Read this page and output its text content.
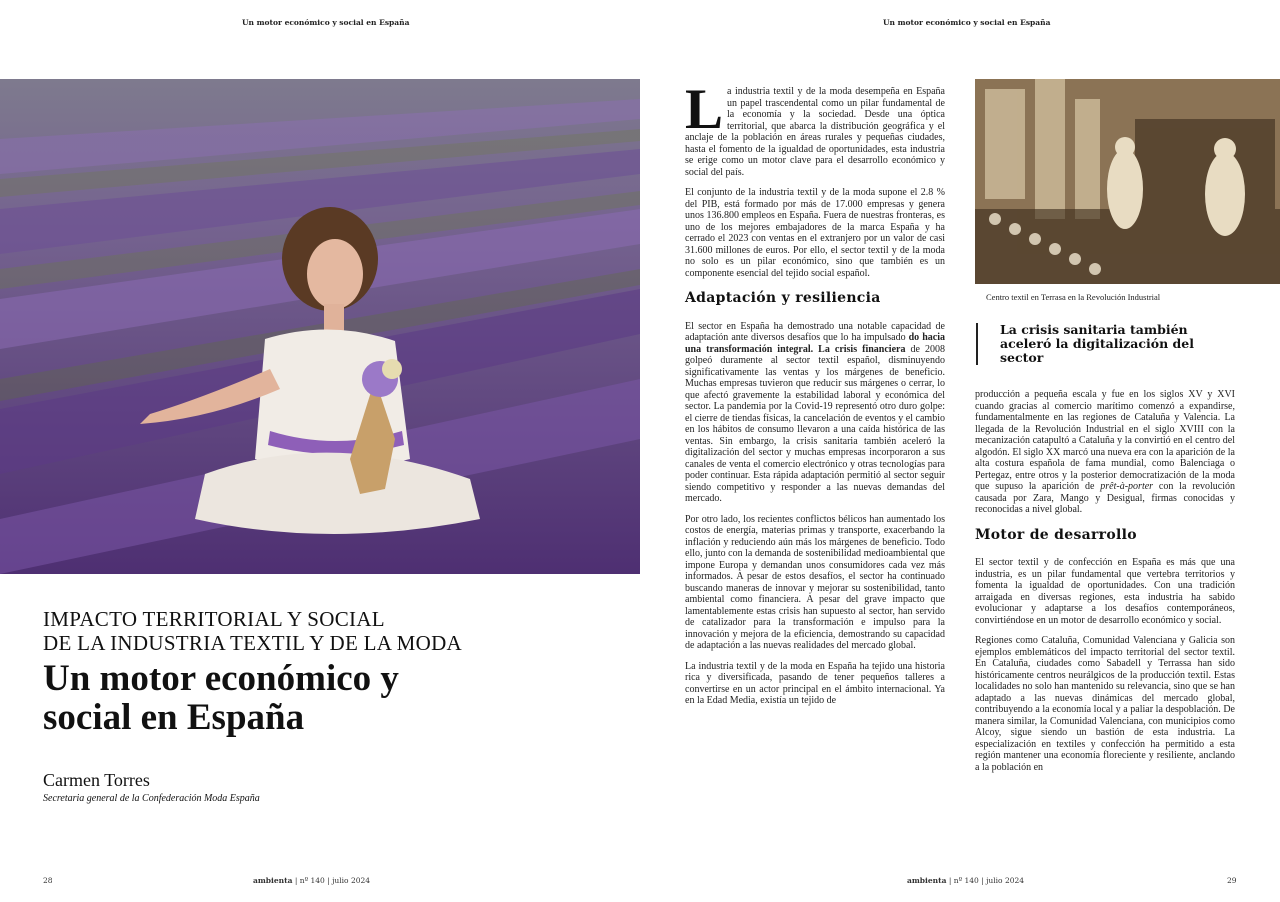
Un motor económico y social en España
IMPACTO TERRITORIAL Y SOCIAL
DE LA INDUSTRIA TEXTIL Y DE LA MODA
Un motor económico y
social en España
Carmen Torres
Secretaria general de la Confederación Moda España
28	ambienta | nº 140 | julio 2024
Un motor económico y social en España

La industria textil y de la moda desempeña en España un papel trascendental como un pilar fundamental de la economía y la sociedad. Desde una óptica territorial, que abarca la distribución geográfica y el anclaje de la población en áreas rurales y pequeñas ciudades, hasta el fomento de la igualdad de oportunidades, esta industria se erige como un motor clave para el desarrollo económico y social del país.

El conjunto de la industria textil y de la moda supone el 2.8 % del PIB, está formado por más de 17.000 empresas y genera unos 136.800 empleos en España. Fuera de nuestras fronteras, es uno de los mejores embajadores de la marca España y ha cerrado el 2023 con ventas en el extranjero por un valor de casi 31.600 millones de euros. Por ello, el sector textil y de la moda no solo es un pilar económico, sino que también es un componente esencial del tejido social español.

Adaptación y resiliencia

El sector en España ha demostrado una notable capacidad de adaptación ante diversos desafíos que lo ha impulsado do hacia una transformación integral. La crisis financiera de 2008 golpeó duramente al sector textil español, disminuyendo significativamente las ventas y los márgenes de beneficio. Muchas empresas tuvieron que reducir sus márgenes o cerrar, lo que afectó gravemente la estabilidad laboral y económica del sector. La pandemia por la Covid-19 representó otro duro golpe: el cierre de tiendas físicas, la cancelación de eventos y el cambio en los hábitos de consumo llevaron a una caída histórica de las ventas. Sin embargo, la crisis sanitaria también aceleró la digitalización del sector y muchas empresas incorporaron a sus canales de venta el comercio electrónico y otras tecnologías para poder continuar. Esta rápida adaptación permitió al sector seguir siendo competitivo y responder a las nuevas demandas del mercado.

Por otro lado, los recientes conflictos bélicos han aumentado los costos de energía, materias primas y transporte, exacerbando la inflación y reduciendo aún más los márgenes de beneficio. Todo ello, junto con la demanda de sostenibilidad medioambiental que impone Europa y demandan unos consumidores cada vez más informados. A pesar de estos desafíos, el sector ha continuado buscando maneras de innovar y mejorar su sostenibilidad, tanto ambiental como financiera. A pesar del grave impacto que lamentablemente estas crisis han supuesto al sector, han servido de catalizador para la transformación e impulso para la innovación y mejora de la eficiencia, demostrando su capacidad de adaptación a las nuevas realidades del mercado global.

La industria textil y de la moda en España ha tejido una historia rica y diversificada, pasando de tener pequeños talleres a convertirse en un actor principal en el ámbito internacional. Ya en la Edad Media, existía un tejido de

Centro textil en Terrasa en la Revolución Industrial
La crisis sanitaria también aceleró la digitalización del sector

producción a pequeña escala y fue en los siglos XV y XVI cuando gracias al comercio marítimo comenzó a expandirse, fundamentalmente en las regiones de Cataluña y Valencia. La llegada de la Revolución Industrial en el siglo XVIII con la mecanización catapultó a Cataluña y la convirtió en el centro del algodón. El siglo XX marcó una nueva era con la aparición de la alta costura española de fama mundial, como Balenciaga o Pertegaz, entre otros y la posterior democratización de la moda que supuso la aparición de prêt-à-porter con la revolución causada por Zara, Mango y Desigual, firmas conocidas y reconocidas a nivel global.

Motor de desarrollo

El sector textil y de confección en España es más que una industria, es un pilar fundamental que vertebra territorios y fomenta la igualdad de oportunidades. Con una tradición arraigada en diversas regiones, esta industria ha sabido evolucionar y adaptarse a los desafíos contemporáneos, convirtiéndose en un motor de desarrollo económico y social.

Regiones como Cataluña, Comunidad Valenciana y Galicia son ejemplos emblemáticos del impacto territorial del sector textil. En Cataluña, ciudades como Sabadell y Terrassa han sido históricamente centros neurálgicos de la producción textil. Estas localidades no solo han mantenido su relevancia, sino que se han adaptado a las nuevas dinámicas del mercado global, contribuyendo a la economía local y a paliar la despoblación. De manera similar, la Comunidad Valenciana, con municipios como Alcoy, sigue siendo un bastión de esta industria. La especialización en textiles y confección ha permitido a esta región mantener una economía floreciente y resiliente, anclando a la población en

ambienta | nº 140 | julio 2024	29
